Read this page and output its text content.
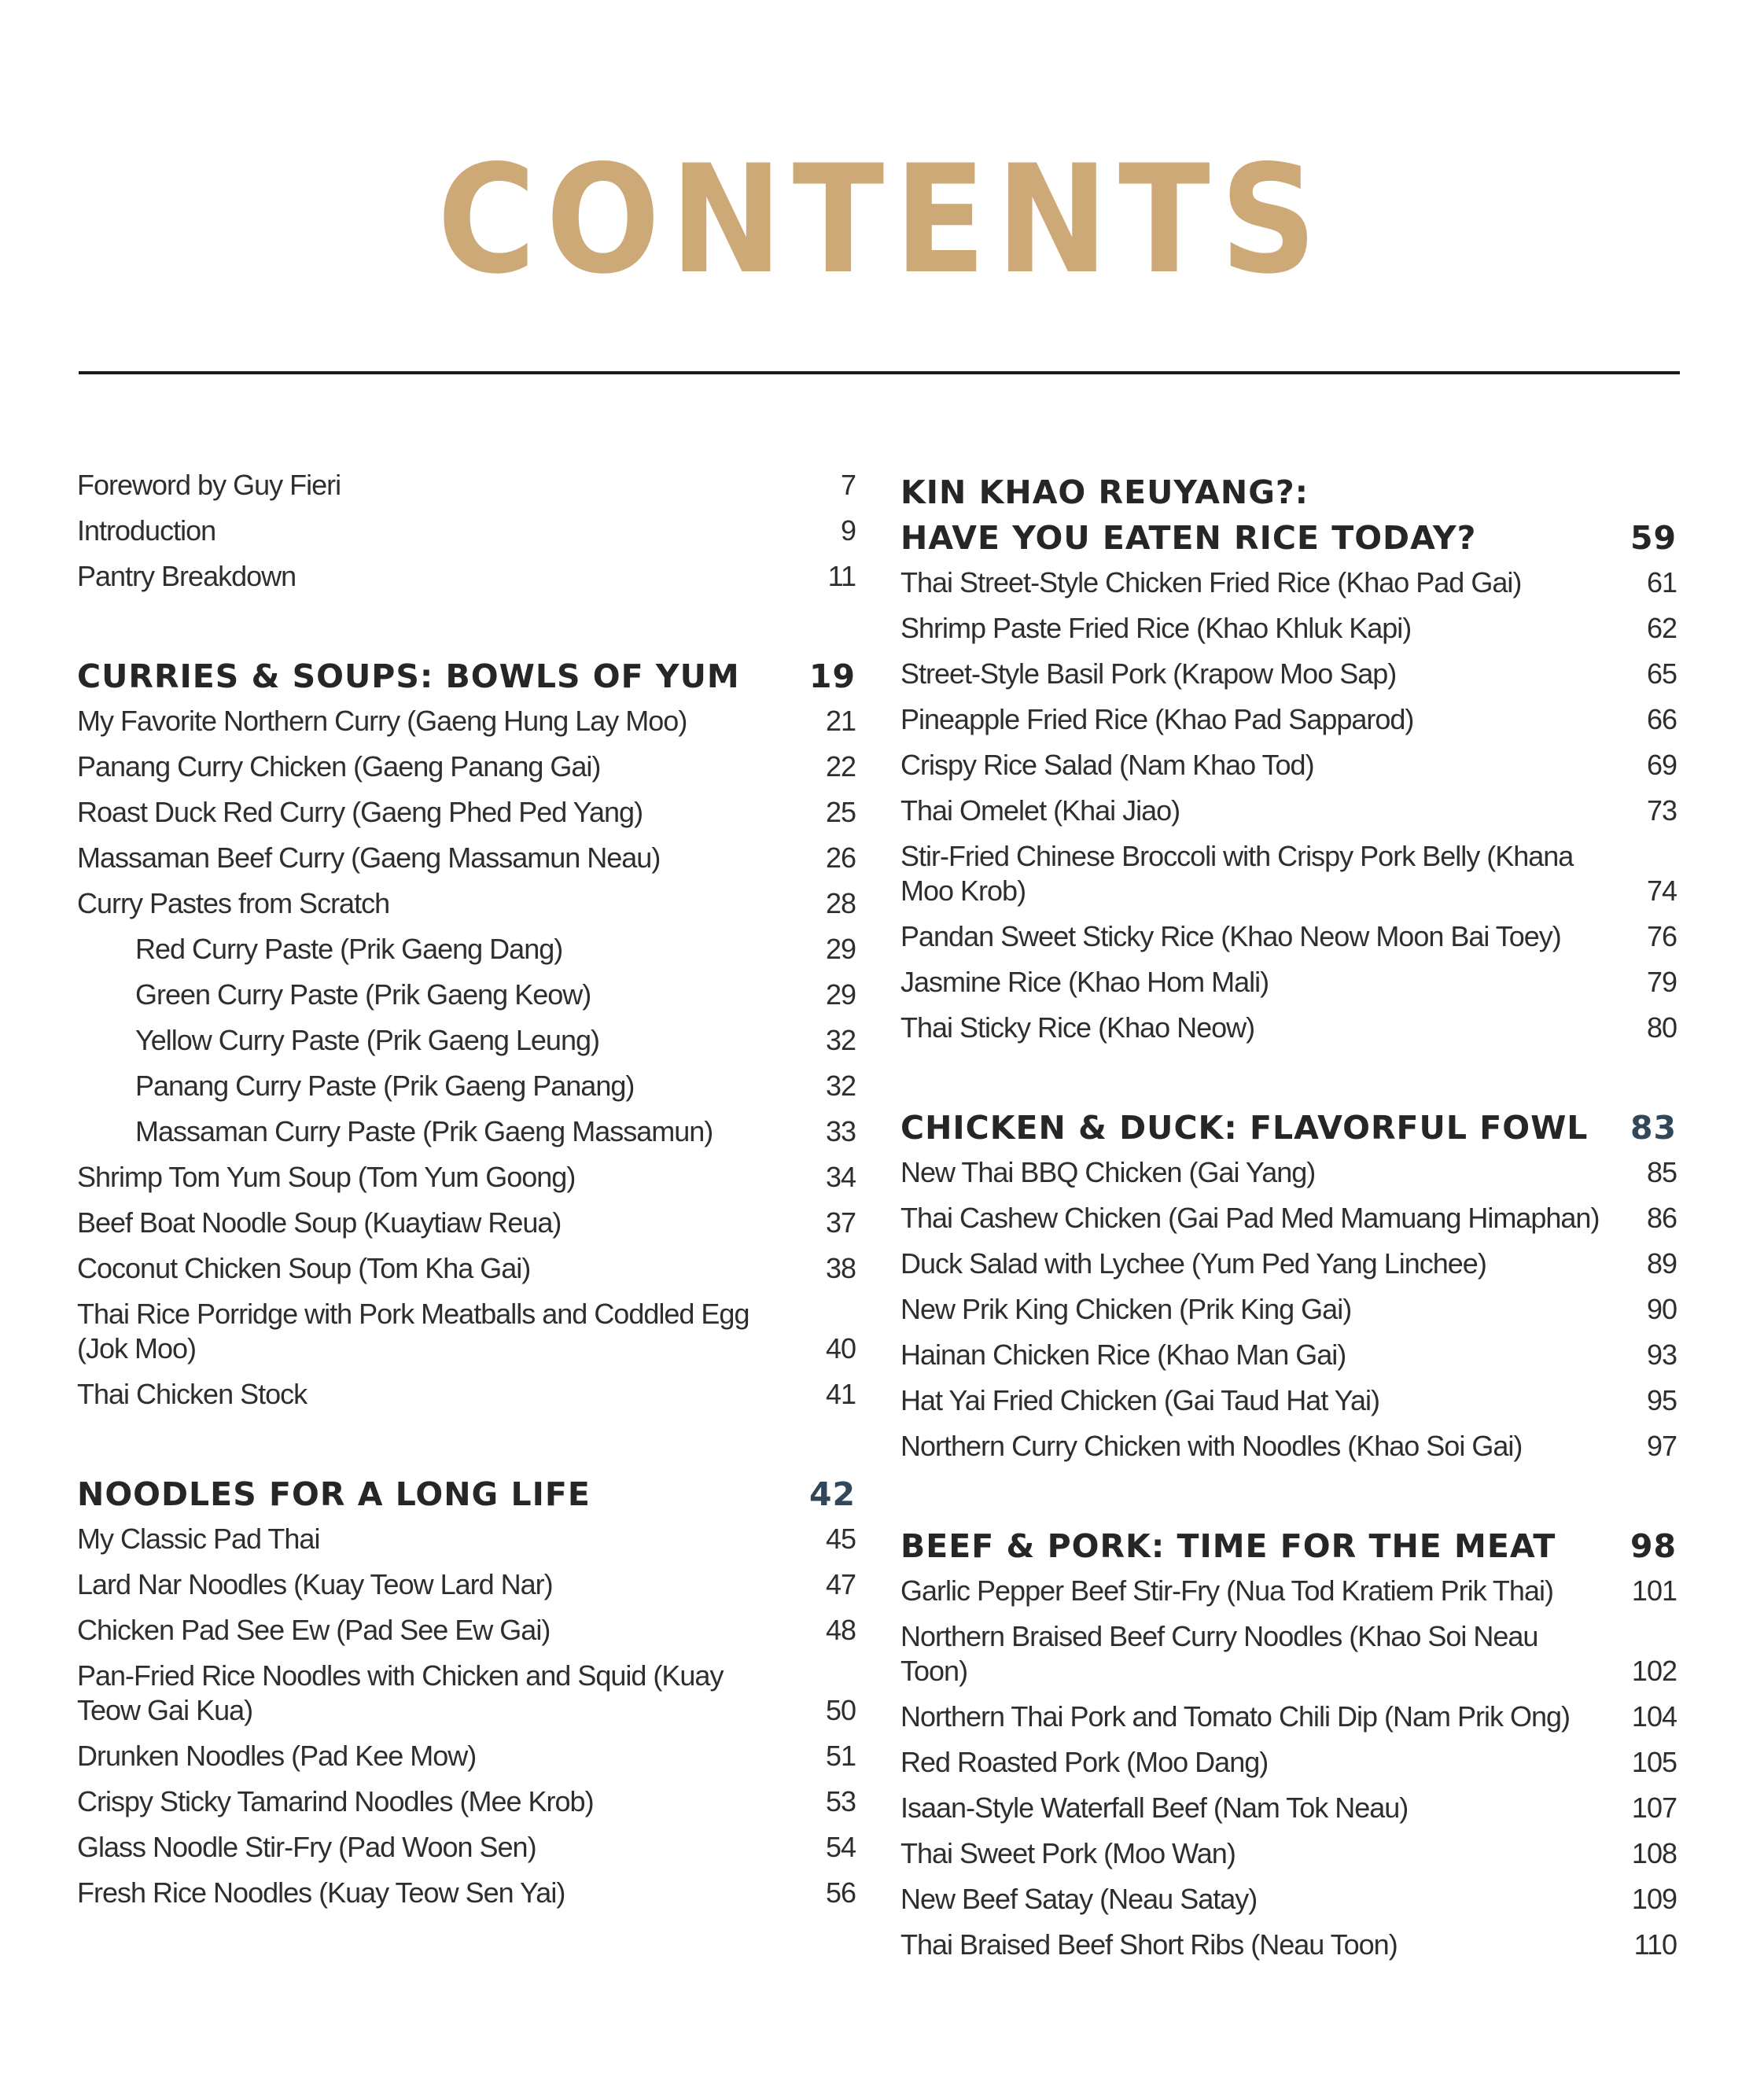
CONTENTS
Foreword by Guy Fieri	7
Introduction	9
Pantry Breakdown	11
CURRIES & SOUPS: BOWLS OF YUM	19
My Favorite Northern Curry (Gaeng Hung Lay Moo)	21
Panang Curry Chicken (Gaeng Panang Gai)	22
Roast Duck Red Curry (Gaeng Phed Ped Yang)	25
Massaman Beef Curry (Gaeng Massamun Neau)	26
Curry Pastes from Scratch	28
Red Curry Paste (Prik Gaeng Dang)	29
Green Curry Paste (Prik Gaeng Keow)	29
Yellow Curry Paste (Prik Gaeng Leung)	32
Panang Curry Paste (Prik Gaeng Panang)	32
Massaman Curry Paste (Prik Gaeng Massamun)	33
Shrimp Tom Yum Soup (Tom Yum Goong)	34
Beef Boat Noodle Soup (Kuaytiaw Reua)	37
Coconut Chicken Soup (Tom Kha Gai)	38
Thai Rice Porridge with Pork Meatballs and Coddled Egg (Jok Moo)	40
Thai Chicken Stock	41
NOODLES FOR A LONG LIFE	42
My Classic Pad Thai	45
Lard Nar Noodles (Kuay Teow Lard Nar)	47
Chicken Pad See Ew (Pad See Ew Gai)	48
Pan-Fried Rice Noodles with Chicken and Squid (Kuay Teow Gai Kua)	50
Drunken Noodles (Pad Kee Mow)	51
Crispy Sticky Tamarind Noodles (Mee Krob)	53
Glass Noodle Stir-Fry (Pad Woon Sen)	54
Fresh Rice Noodles (Kuay Teow Sen Yai)	56
KIN KHAO REUYANG?:
HAVE YOU EATEN RICE TODAY?	59
Thai Street-Style Chicken Fried Rice (Khao Pad Gai)	61
Shrimp Paste Fried Rice (Khao Khluk Kapi)	62
Street-Style Basil Pork (Krapow Moo Sap)	65
Pineapple Fried Rice (Khao Pad Sapparod)	66
Crispy Rice Salad (Nam Khao Tod)	69
Thai Omelet (Khai Jiao)	73
Stir-Fried Chinese Broccoli with Crispy Pork Belly (Khana Moo Krob)	74
Pandan Sweet Sticky Rice (Khao Neow Moon Bai Toey)	76
Jasmine Rice (Khao Hom Mali)	79
Thai Sticky Rice (Khao Neow)	80
CHICKEN & DUCK: FLAVORFUL FOWL	83
New Thai BBQ Chicken (Gai Yang)	85
Thai Cashew Chicken (Gai Pad Med Mamuang Himaphan)	86
Duck Salad with Lychee (Yum Ped Yang Linchee)	89
New Prik King Chicken (Prik King Gai)	90
Hainan Chicken Rice (Khao Man Gai)	93
Hat Yai Fried Chicken (Gai Taud Hat Yai)	95
Northern Curry Chicken with Noodles (Khao Soi Gai)	97
BEEF & PORK: TIME FOR THE MEAT	98
Garlic Pepper Beef Stir-Fry (Nua Tod Kratiem Prik Thai)	101
Northern Braised Beef Curry Noodles (Khao Soi Neau Toon)	102
Northern Thai Pork and Tomato Chili Dip (Nam Prik Ong) 104
Red Roasted Pork (Moo Dang)	105
Isaan-Style Waterfall Beef (Nam Tok Neau)	107
Thai Sweet Pork (Moo Wan)	108
New Beef Satay (Neau Satay)	109
Thai Braised Beef Short Ribs (Neau Toon)	110
